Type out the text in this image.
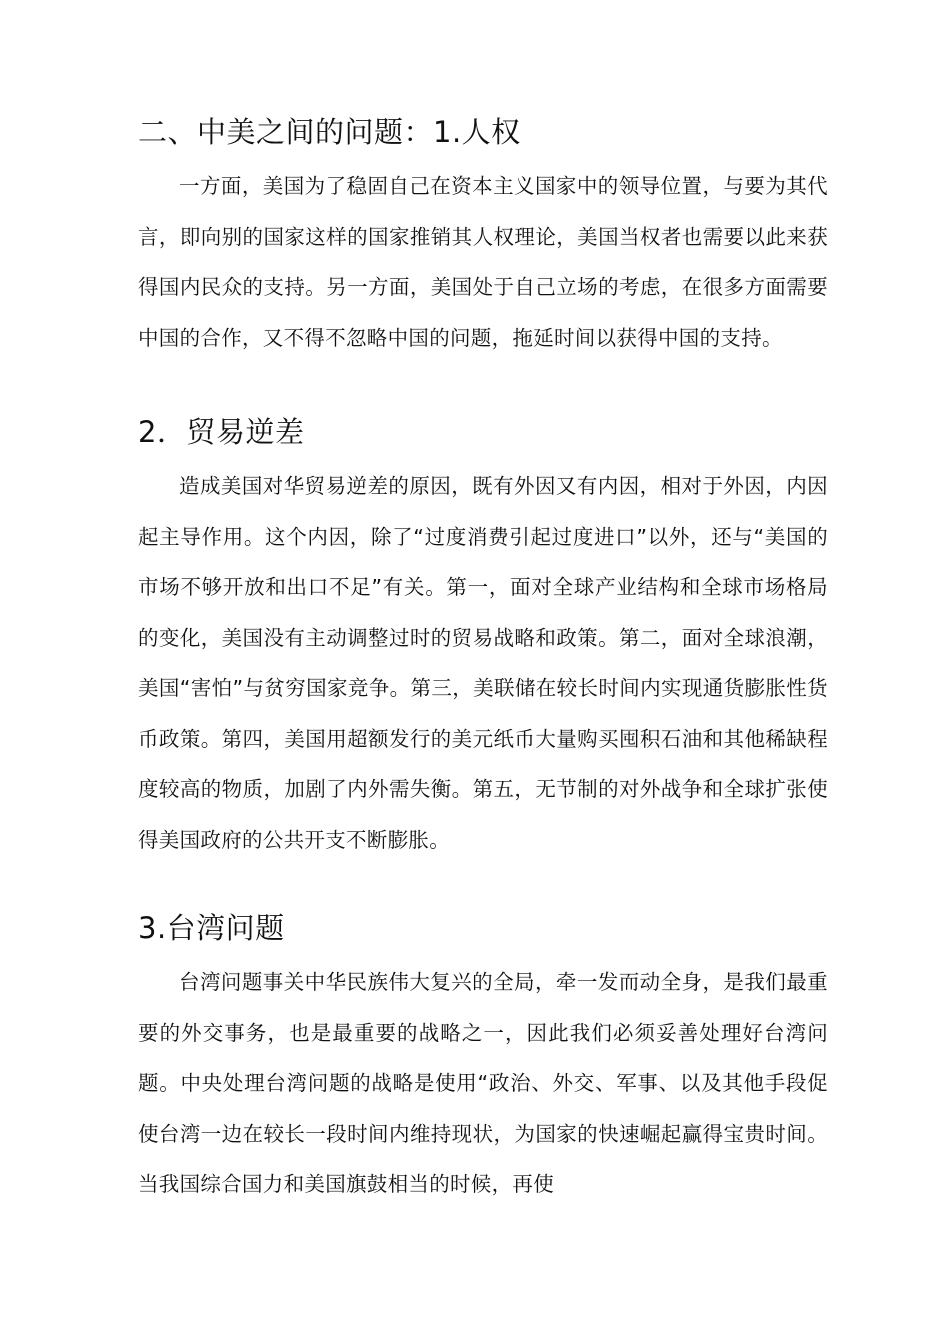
二、中美之间的问题：1.人权

一方面，美国为了稳固自己在资本主义国家中的领导位置，与要为其代言，即向别的国家这样的国家推销其人权理论，美国当权者也需要以此来获得国内民众的支持。另一方面，美国处于自己立场的考虑，在很多方面需要中国的合作，又不得不忽略中国的问题，拖延时间以获得中国的支持。

2．贸易逆差

造成美国对华贸易逆差的原因，既有外因又有内因，相对于外因，内因起主导作用。这个内因，除了“过度消费引起过度进口”以外，还与“美国的市场不够开放和出口不足”有关。第一，面对全球产业结构和全球市场格局的变化，美国没有主动调整过时的贸易战略和政策。第二，面对全球浪潮，美国“害怕”与贫穷国家竞争。第三，美联储在较长时间内实现通货膨胀性货币政策。第四，美国用超额发行的美元纸币大量购买囤积石油和其他稀缺程度较高的物质，加剧了内外需失衡。第五，无节制的对外战争和全球扩张使得美国政府的公共开支不断膨胀。

3.台湾问题

台湾问题事关中华民族伟大复兴的全局，牵一发而动全身，是我们最重要的外交事务，也是最重要的战略之一，因此我们必须妥善处理好台湾问题。中央处理台湾问题的战略是使用“政治、外交、军事、以及其他手段促使台湾一边在较长一段时间内维持现状，为国家的快速崛起赢得宝贵时间。当我国综合国力和美国旗鼓相当的时候，再使
